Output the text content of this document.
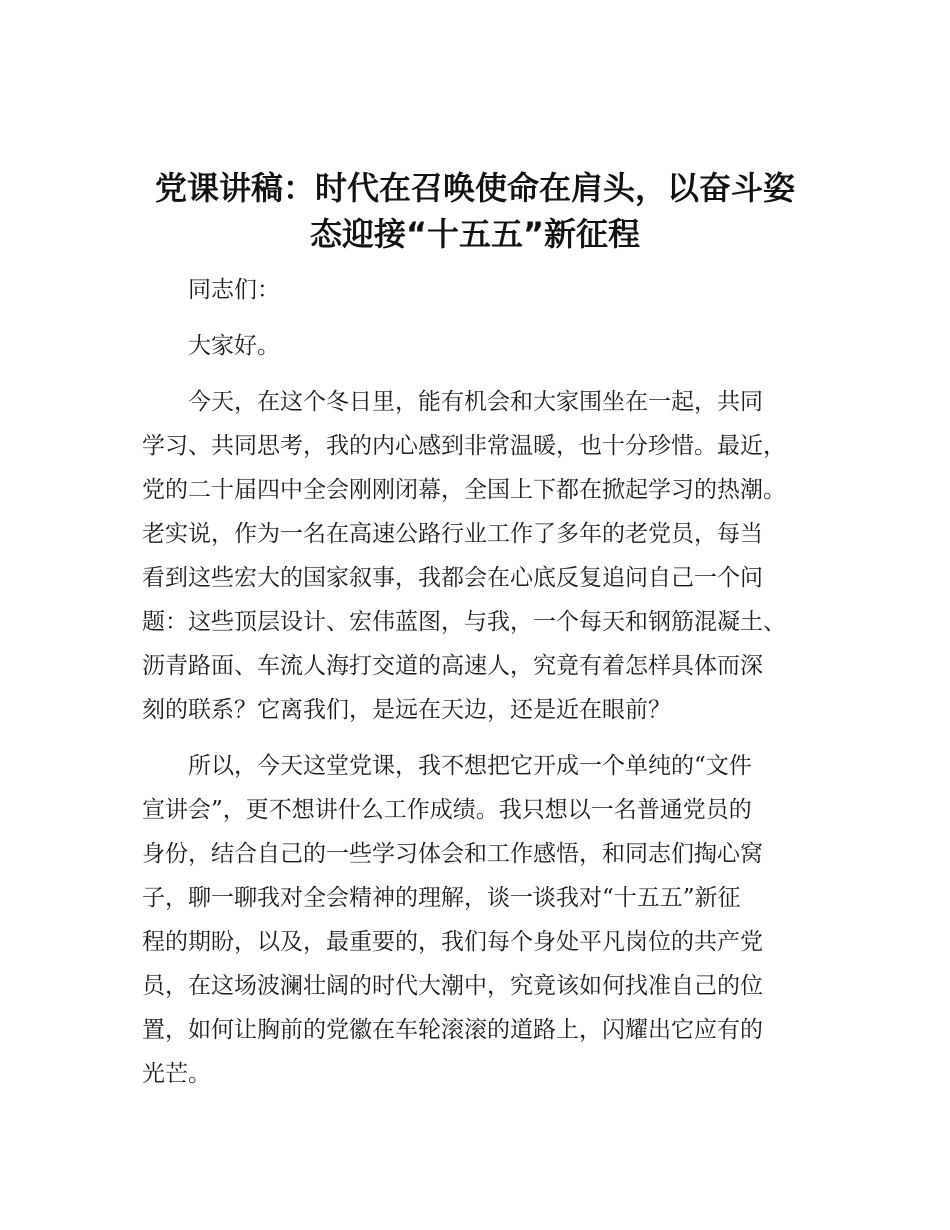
党课讲稿：时代在召唤使命在肩头，以奋斗姿
态迎接“十五五”新征程

同志们：

大家好。

今天，在这个冬日里，能有机会和大家围坐在一起，共同
学习、共同思考，我的内心感到非常温暖，也十分珍惜。最近，
党的二十届四中全会刚刚闭幕，全国上下都在掀起学习的热潮。
老实说，作为一名在高速公路行业工作了多年的老党员，每当
看到这些宏大的国家叙事，我都会在心底反复追问自己一个问
题：这些顶层设计、宏伟蓝图，与我，一个每天和钢筋混凝土、
沥青路面、车流人海打交道的高速人，究竟有着怎样具体而深
刻的联系？它离我们，是远在天边，还是近在眼前？

所以，今天这堂党课，我不想把它开成一个单纯的“文件
宣讲会”，更不想讲什么工作成绩。我只想以一名普通党员的
身份，结合自己的一些学习体会和工作感悟，和同志们掏心窝
子，聊一聊我对全会精神的理解，谈一谈我对“十五五”新征
程的期盼，以及，最重要的，我们每个身处平凡岗位的共产党
员，在这场波澜壮阔的时代大潮中，究竟该如何找准自己的位
置，如何让胸前的党徽在车轮滚滚的道路上，闪耀出它应有的
光芒。
